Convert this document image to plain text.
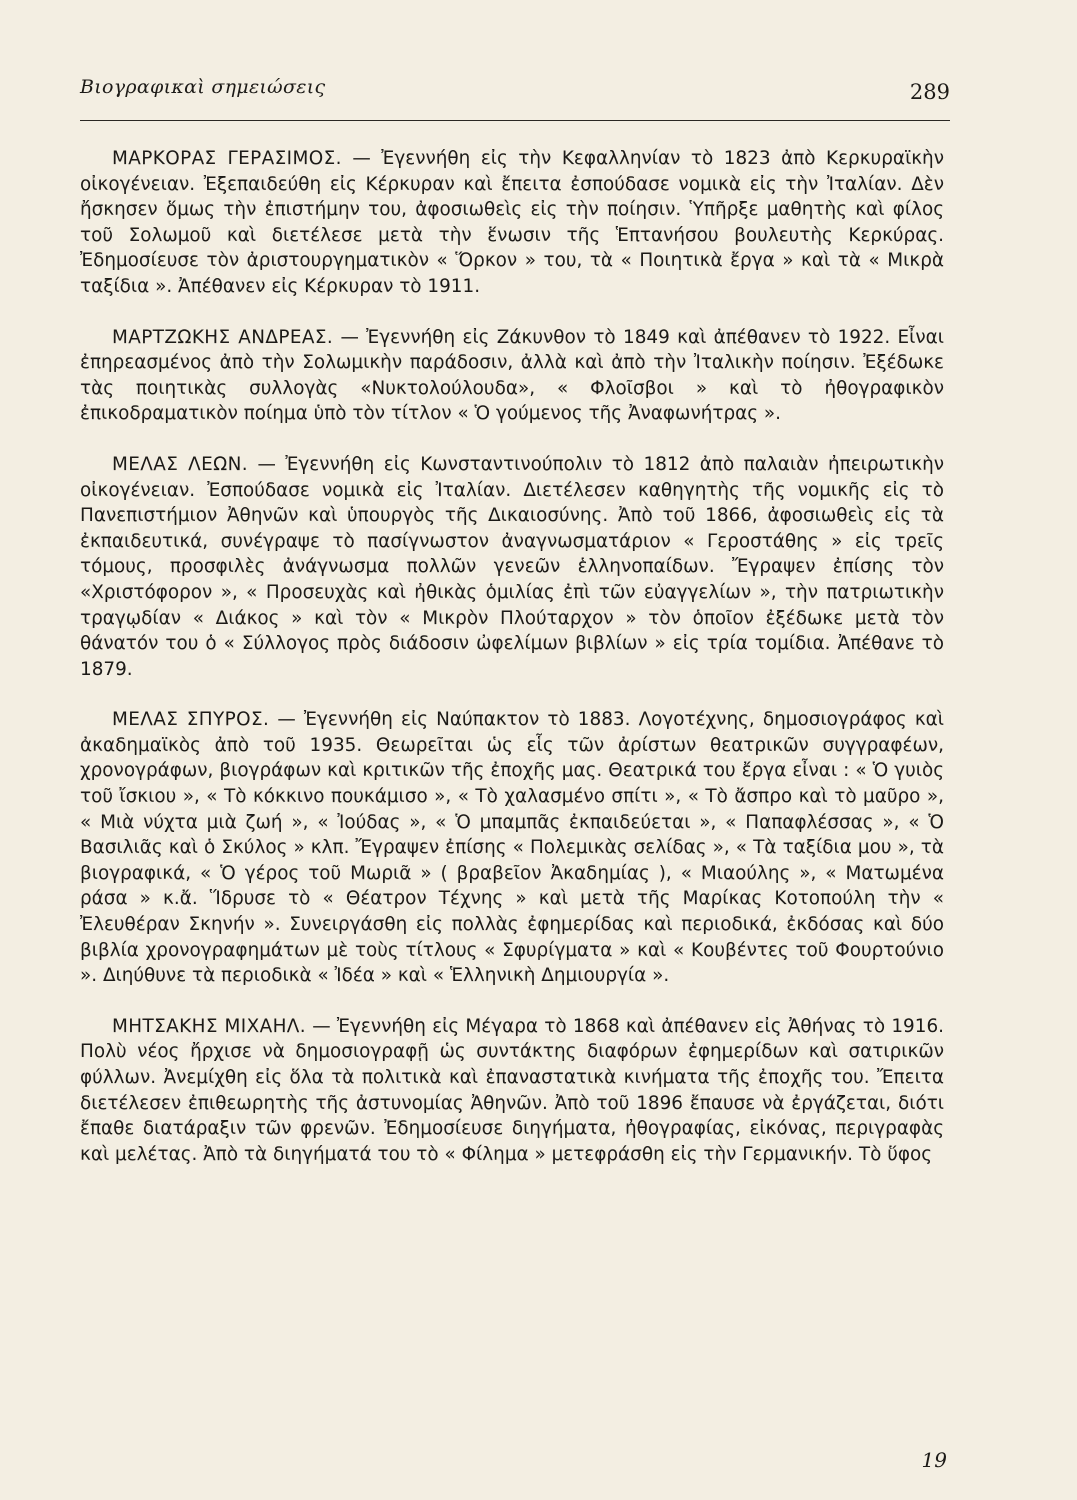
Βιογραφικαὶ σημειώσεις	289

ΜΑΡΚΟΡΑΣ ΓΕΡΑΣΙΜΟΣ. — Ἐγεννήθη εἰς τὴν Κεφαλληνίαν τὸ 1823 ἀπὸ Κερκυραϊκὴν οἰκογένειαν. Ἐξεπαιδεύθη εἰς Κέρκυραν καὶ ἔπειτα ἐσπούδασε νομικὰ εἰς τὴν Ἰταλίαν. Δὲν ἤσκησεν ὅμως τὴν ἐπιστήμην του, ἀφοσιωθεὶς εἰς τὴν ποίησιν. Ὑπῆρξε μαθητὴς καὶ φίλος τοῦ Σολωμοῦ καὶ διετέλεσε μετὰ τὴν ἕνωσιν τῆς Ἑπτανήσου βουλευτὴς Κερκύρας. Ἐδημοσίευσε τὸν ἀριστουργηματικὸν « Ὅρκον » του, τὰ « Ποιητικὰ ἔργα » καὶ τὰ « Μικρὰ ταξίδια ». Ἀπέθανεν εἰς Κέρκυραν τὸ 1911.

ΜΑΡΤΖΩΚΗΣ ΑΝΔΡΕΑΣ. — Ἐγεννήθη εἰς Ζάκυνθον τὸ 1849 καὶ ἀπέθανεν τὸ 1922. Εἶναι ἐπηρεασμένος ἀπὸ τὴν Σολωμικὴν παράδοσιν, ἀλλὰ καὶ ἀπὸ τὴν Ἰταλικὴν ποίησιν. Ἐξέδωκε τὰς ποιητικὰς συλλογὰς «Νυκτολούλουδα», « Φλοῖσβοι » καὶ τὸ ἠθογραφικὸν ἐπικοδραματικὸν ποίημα ὑπὸ τὸν τίτλον « Ὁ γούμενος τῆς Ἀναφωνήτρας ».

ΜΕΛΑΣ ΛΕΩΝ. — Ἐγεννήθη εἰς Κωνσταντινούπολιν τὸ 1812 ἀπὸ παλαιὰν ἠπειρωτικὴν οἰκογένειαν. Ἐσπούδασε νομικὰ εἰς Ἰταλίαν. Διετέλεσεν καθηγητὴς τῆς νομικῆς εἰς τὸ Πανεπιστήμιον Ἀθηνῶν καὶ ὑπουργὸς τῆς Δικαιοσύνης. Ἀπὸ τοῦ 1866, ἀφοσιωθεὶς εἰς τὰ ἐκπαιδευτικά, συνέγραψε τὸ πασίγνωστον ἀναγνωσματάριον « Γεροστάθης » εἰς τρεῖς τόμους, προσφιλὲς ἀνάγνωσμα πολλῶν γενεῶν ἑλληνοπαίδων. Ἔγραψεν ἐπίσης τὸν «Χριστόφορον », « Προσευχὰς καὶ ἠθικὰς ὁμιλίας ἐπὶ τῶν εὐαγγελίων », τὴν πατριωτικὴν τραγῳδίαν « Διάκος » καὶ τὸν « Μικρὸν Πλούταρχον » τὸν ὁποῖον ἐξέδωκε μετὰ τὸν θάνατόν του ὁ « Σύλλογος πρὸς διάδοσιν ὠφελίμων βιβλίων » εἰς τρία τομίδια. Ἀπέθανε τὸ 1879.

ΜΕΛΑΣ ΣΠΥΡΟΣ. — Ἐγεννήθη εἰς Ναύπακτον τὸ 1883. Λογοτέχνης, δημοσιογράφος καὶ ἀκαδημαϊκὸς ἀπὸ τοῦ 1935. Θεωρεῖται ὡς εἷς τῶν ἀρίστων θεατρικῶν συγγραφέων, χρονογράφων, βιογράφων καὶ κριτικῶν τῆς ἐποχῆς μας. Θεατρικά του ἔργα εἶναι : « Ὁ γυιὸς τοῦ ἴσκιου », « Τὸ κόκκινο πουκάμισο », « Τὸ χαλασμένο σπίτι », « Τὸ ἄσπρο καὶ τὸ μαῦρο », « Μιὰ νύχτα μιὰ ζωή », « Ἰούδας », « Ὁ μπαμπᾶς ἐκπαιδεύεται », « Παπαφλέσσας », « Ὁ Βασιλιᾶς καὶ ὁ Σκύλος » κλπ. Ἔγραψεν ἐπίσης « Πολεμικὰς σελίδας », « Τὰ ταξίδια μου », τὰ βιογραφικά, « Ὁ γέρος τοῦ Μωριᾶ » ( βραβεῖον Ἀκαδημίας ), « Μιαούλης », « Ματωμένα ράσα » κ.ἄ. Ἵδρυσε τὸ « Θέατρον Τέχνης » καὶ μετὰ τῆς Μαρίκας Κοτοπούλη τὴν « Ἐλευθέραν Σκηνήν ». Συνειργάσθη εἰς πολλὰς ἐφημερίδας καὶ περιοδικά, ἐκδόσας καὶ δύο βιβλία χρονογραφημάτων μὲ τοὺς τίτλους « Σφυρίγματα » καὶ « Κουβέντες τοῦ Φουρτούνιο ». Διηύθυνε τὰ περιοδικὰ « Ἰδέα » καὶ « Ἑλληνικὴ Δημιουργία ».

ΜΗΤΣΑΚΗΣ ΜΙΧΑΗΛ. — Ἐγεννήθη εἰς Μέγαρα τὸ 1868 καὶ ἀπέθανεν εἰς Ἀθήνας τὸ 1916. Πολὺ νέος ἤρχισε νὰ δημοσιογραφῇ ὡς συντάκτης διαφόρων ἐφημερίδων καὶ σατιρικῶν φύλλων. Ἀνεμίχθη εἰς ὅλα τὰ πολιτικὰ καὶ ἐπαναστατικὰ κινήματα τῆς ἐποχῆς του. Ἔπειτα διετέλεσεν ἐπιθεωρητὴς τῆς ἀστυνομίας Ἀθηνῶν. Ἀπὸ τοῦ 1896 ἔπαυσε νὰ ἐργάζεται, διότι ἔπαθε διατάραξιν τῶν φρενῶν. Ἐδημοσίευσε διηγήματα, ἠθογραφίας, εἰκόνας, περιγραφὰς καὶ μελέτας. Ἀπὸ τὰ διηγήματά του τὸ « Φίλημα » μετεφράσθη εἰς τὴν Γερμανικήν. Τὸ ὕφος

19
